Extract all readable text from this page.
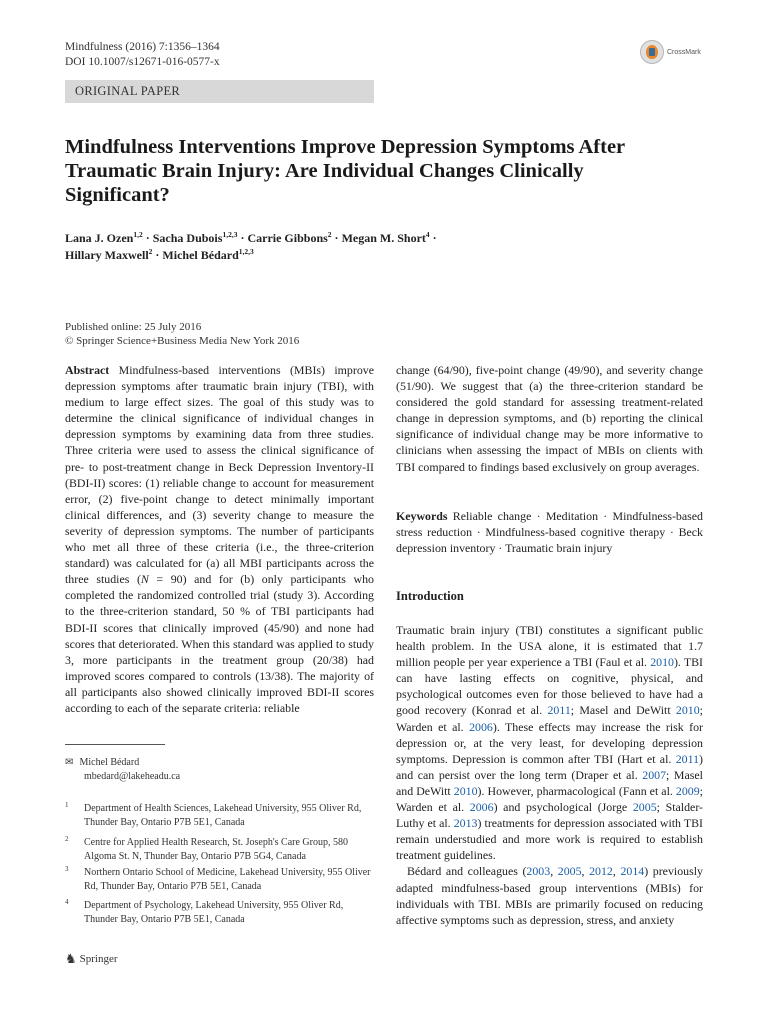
Mindfulness (2016) 7:1356–1364
DOI 10.1007/s12671-016-0577-x
CrossMark
ORIGINAL PAPER
Mindfulness Interventions Improve Depression Symptoms After Traumatic Brain Injury: Are Individual Changes Clinically Significant?
Lana J. Ozen$^{1,2}$ · Sacha Dubois$^{1,2,3}$ · Carrie Gibbons$^2$ · Megan M. Short$^4$ ·
Hillary Maxwell$^2$ · Michel Bédard$^{1,2,3}$
Published online: 25 July 2016
© Springer Science+Business Media New York 2016

Abstract Mindfulness-based interventions (MBIs) improve depression symptoms after traumatic brain injury (TBI), with medium to large effect sizes. The goal of this study was to determine the clinical significance of individual changes in depression symptoms by examining data from three studies. Three criteria were used to assess the clinical significance of pre- to post-treatment change in Beck Depression Inventory-II (BDI-II) scores: (1) reliable change to account for measurement error, (2) five-point change to detect minimally important clinical differences, and (3) severity change to measure the severity of depression symptoms. The number of participants who met all three of these criteria (i.e., the three-criterion standard) was calculated for (a) all MBI participants across the three studies (N = 90) and for (b) only participants who completed the randomized controlled trial (study 3). According to the three-criterion standard, 50 % of TBI participants had BDI-II scores that clinically improved (45/90) and none had scores that deteriorated. When this standard was applied to study 3, more participants in the treatment group (20/38) had improved scores compared to controls (13/38). The majority of all participants also showed clinically improved BDI-II scores according to each of the separate criteria: reliable

change (64/90), five-point change (49/90), and severity change (51/90). We suggest that (a) the three-criterion standard be considered the gold standard for assessing treatment-related change in depression symptoms, and (b) reporting the clinical significance of individual change may be more informative to clinicians when assessing the impact of MBIs on clients with TBI compared to findings based exclusively on group averages.

Keywords Reliable change · Meditation · Mindfulness-based stress reduction · Mindfulness-based cognitive therapy · Beck depression inventory · Traumatic brain injury

Introduction

Traumatic brain injury (TBI) constitutes a significant public health problem. In the USA alone, it is estimated that 1.7 million people per year experience a TBI (Faul et al. 2010). TBI can have lasting effects on cognitive, physical, and psychological outcomes even for those believed to have had a good recovery (Konrad et al. 2011; Masel and DeWitt 2010; Warden et al. 2006). These effects may increase the risk for depression or, at the very least, for developing depression symptoms. Depression is common after TBI (Hart et al. 2011) and can persist over the long term (Draper et al. 2007; Masel and DeWitt 2010). However, pharmacological (Fann et al. 2009; Warden et al. 2006) and psychological (Jorge 2005; Stalder-Luthy et al. 2013) treatments for depression associated with TBI remain understudied and more work is required to establish treatment guidelines.

Bédard and colleagues (2003, 2005, 2012, 2014) previously adapted mindfulness-based group interventions (MBIs) for individuals with TBI. MBIs are primarily focused on reducing affective symptoms such as depression, stress, and anxiety

✉ Michel Bédard
mbedard@lakeheadu.ca
1 Department of Health Sciences, Lakehead University, 955 Oliver Rd, Thunder Bay, Ontario P7B 5E1, Canada
2 Centre for Applied Health Research, St. Joseph's Care Group, 580 Algoma St. N, Thunder Bay, Ontario P7B 5G4, Canada
3 Northern Ontario School of Medicine, Lakehead University, 955 Oliver Rd, Thunder Bay, Ontario P7B 5E1, Canada
4 Department of Psychology, Lakehead University, 955 Oliver Rd, Thunder Bay, Ontario P7B 5E1, Canada
♞ Springer
